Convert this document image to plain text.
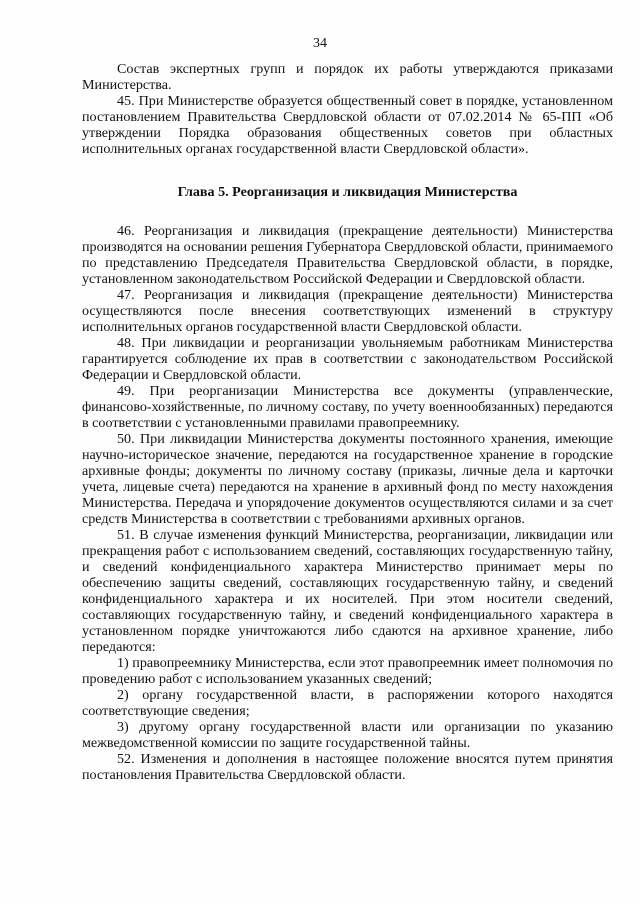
34

Состав экспертных групп и порядок их работы утверждаются приказами Министерства.

45. При Министерстве образуется общественный совет в порядке, установленном постановлением Правительства Свердловской области от 07.02.2014 № 65-ПП «Об утверждении Порядка образования общественных советов при областных исполнительных органах государственной власти Свердловской области».

Глава 5. Реорганизация и ликвидация Министерства

46. Реорганизация и ликвидация (прекращение деятельности) Министерства производятся на основании решения Губернатора Свердловской области, принимаемого по представлению Председателя Правительства Свердловской области, в порядке, установленном законодательством Российской Федерации и Свердловской области.

47. Реорганизация и ликвидация (прекращение деятельности) Министерства осуществляются после внесения соответствующих изменений в структуру исполнительных органов государственной власти Свердловской области.

48. При ликвидации и реорганизации увольняемым работникам Министерства гарантируется соблюдение их прав в соответствии с законодательством Российской Федерации и Свердловской области.

49. При реорганизации Министерства все документы (управленческие, финансово-хозяйственные, по личному составу, по учету военнообязанных) передаются в соответствии с установленными правилами правопреемнику.

50. При ликвидации Министерства документы постоянного хранения, имеющие научно-историческое значение, передаются на государственное хранение в городские архивные фонды; документы по личному составу (приказы, личные дела и карточки учета, лицевые счета) передаются на хранение в архивный фонд по месту нахождения Министерства. Передача и упорядочение документов осуществляются силами и за счет средств Министерства в соответствии с требованиями архивных органов.

51. В случае изменения функций Министерства, реорганизации, ликвидации или прекращения работ с использованием сведений, составляющих государственную тайну, и сведений конфиденциального характера Министерство принимает меры по обеспечению защиты сведений, составляющих государственную тайну, и сведений конфиденциального характера и их носителей. При этом носители сведений, составляющих государственную тайну, и сведений конфиденциального характера в установленном порядке уничтожаются либо сдаются на архивное хранение, либо передаются:

1) правопреемнику Министерства, если этот правопреемник имеет полномочия по проведению работ с использованием указанных сведений;

2) органу государственной власти, в распоряжении которого находятся соответствующие сведения;

3) другому органу государственной власти или организации по указанию межведомственной комиссии по защите государственной тайны.

52. Изменения и дополнения в настоящее положение вносятся путем принятия постановления Правительства Свердловской области.
